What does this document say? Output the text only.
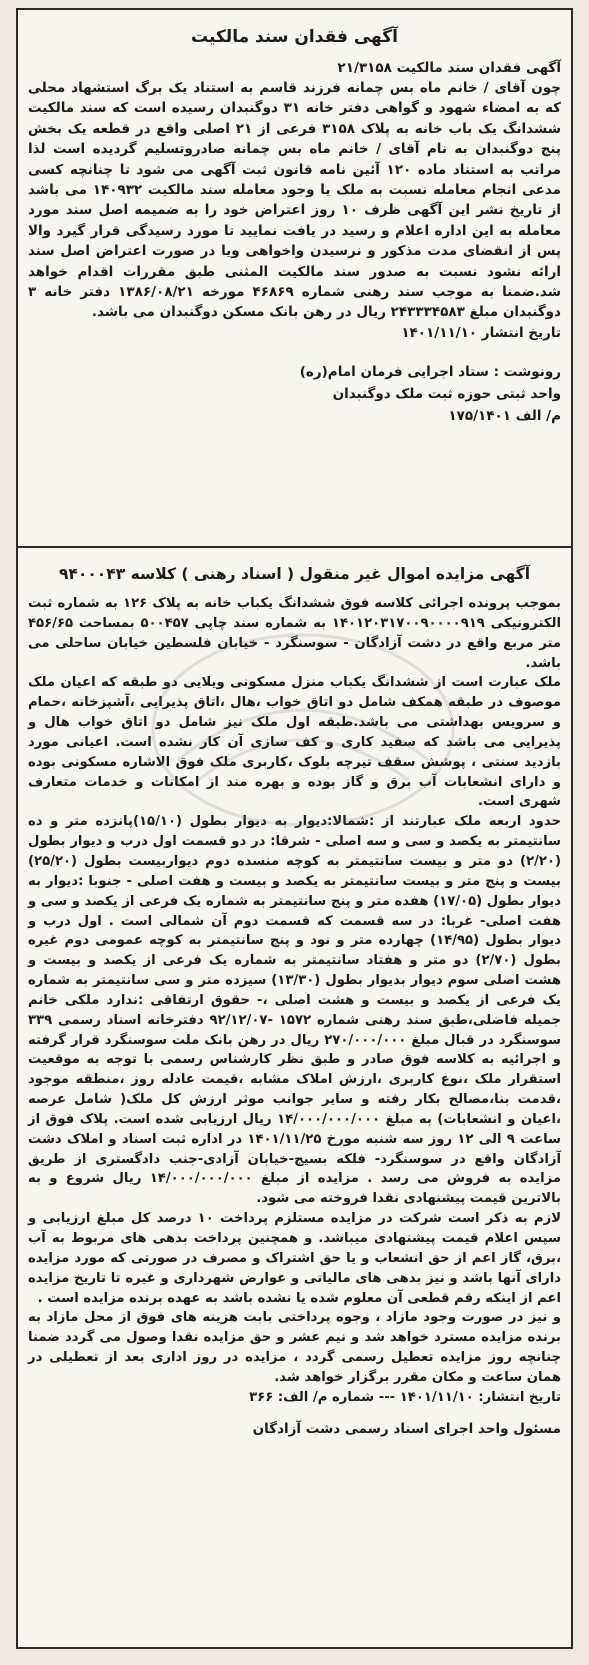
آگهی فقدان سند مالکیت

آگهی فقدان سند مالکیت ۲۱/۳۱۵۸

چون آقای / خانم ماه بس چمانه فرزند قاسم به استناد یک برگ استشهاد محلی که به امضاء شهود و گواهی دفتر خانه ۳۱ دوگنبدان رسیده است که سند مالکیت ششدانگ یک باب خانه به پلاک ۳۱۵۸ فرعی از ۲۱ اصلی واقع در قطعه یک بخش پنج دوگنبدان به نام آقای / خانم ماه بس چمانه صادروتسلیم گردیده است لذا مراتب به استناد ماده ۱۲۰ آئین نامه قانون ثبت آگهی می شود تا چنانچه کسی مدعی انجام معامله نسبت به ملک یا وجود معامله سند مالکیت ۱۴۰۹۳۲ می باشد از تاریخ نشر این آگهی ظرف ۱۰ روز اعتراض خود را به ضمیمه اصل سند مورد معامله به این اداره اعلام و رسید در یافت نمایید تا مورد رسیدگی قرار گیرد والا پس از انقضای مدت مذکور و نرسیدن واخواهی ویا در صورت اعتراض اصل سند ارائه نشود نسبت به صدور سند مالکیت المثنی طبق مقررات اقدام خواهد شد.ضمنا به موجب سند رهنی شماره ۴۶۸۶۹ مورخه ۱۳۸۶/۰۸/۲۱ دفتر خانه ۳ دوگنبدان مبلغ ۲۴۳۳۳۴۵۸۳ ریال در رهن بانک مسکن دوگنبدان می باشد.

تاریخ انتشار ۱۴۰۱/۱۱/۱۰

رونوشت : ستاد اجرایی فرمان امام(ره)
واحد ثبتی حوزه ثبت ملک دوگنبدان

م/ الف ۱۷۵/۱۴۰۱

آگهی مزایده اموال غیر منقول ( اسناد رهنی ) کلاسه ۹۴۰۰۰۴۳

بموجب پرونده اجرائی کلاسه فوق ششدانگ یکباب خانه به پلاک ۱۲۶ به شماره ثبت الکترونیکی ۱۴۰۱۲۰۳۱۷۰۰۹۰۰۰۰۹۱۹ به شماره سند چاپی ۵۰۰۴۵۷ بمساحت ۴۵۶/۶۵ متر مربع واقع در دشت آزادگان - سوسنگرد - خیابان فلسطین خیابان ساحلی می باشد.

ملک عبارت است از ششدانگ یکباب منزل مسکونی ویلایی دو طبقه که اعیان ملک موصوف در طبقه همکف شامل دو اتاق خواب ،هال ،اتاق پذیرایی ،آشپزخانه ،حمام و سرویس بهداشتی می باشد.طبقه اول ملک نیز شامل دو اتاق خواب هال و پذیرایی می باشد که سفید کاری و کف سازی آن کار نشده است. اعیانی مورد بازدید سنتی ، پوشش سقف تیرچه بلوک ،کاربری ملک فوق الاشاره مسکونی بوده و دارای انشعابات آب برق و گاز بوده و بهره مند از امکانات و خدمات متعارف شهری است.

حدود اربعه ملک عبارتند از :شمالا:دیوار به دیوار بطول (۱۵/۱۰)پانزده متر و ده سانتیمتر به یکصد و سی و سه اصلی - شرقا: در دو قسمت اول درب و دیوار بطول (۲/۲۰) دو متر و بیست سانتیمتر به کوچه منسده دوم دیواربیست بطول (۲۵/۲۰) بیست و پنج متر و بیست سانتیمتر به یکصد و بیست و هفت اصلی - جنوبا :دیوار به دیوار بطول (۱۷/۰۵) هفده متر و پنج سانتیمتر به شماره یک فرعی از یکصد و سی و هفت اصلی- غربا: در سه قسمت که قسمت دوم آن شمالی است . اول درب و دیوار بطول (۱۴/۹۵) چهارده متر و نود و پنج سانتیمتر به کوچه عمومی دوم غیره بطول (۲/۷۰) دو متر و هفتاد سانتیمتر به شماره یک فرعی از یکصد و بیست و هشت اصلی سوم دیوار بدیوار بطول (۱۳/۳۰) سیزده متر و سی سانتیمتر به شماره یک فرعی از یکصد و بیست و هشت اصلی ،- حقوق ارتفاقی :ندارد ملکی خانم جمیله فاضلی،طبق سند رهنی شماره ۱۵۷۲ -۹۲/۱۲/۰۷ دفترخانه اسناد رسمی ۳۳۹ سوسنگرد در قبال مبلغ ۲۷۰/۰۰۰/۰۰۰ ریال در رهن بانک ملت سوسنگرد قرار گرفته و اجرائیه به کلاسه فوق صادر و طبق نظر کارشناس رسمی با توجه به موقعیت استقرار ملک ،نوع کاربری ،ارزش املاک مشابه ،قیمت عادله روز ،منطقه موجود ،قدمت بنا،مصالح بکار رفته و سایر جوانب موثر ارزش کل ملک( شامل عرصه ،اعیان و انشعابات) به مبلغ ۱۴/۰۰۰/۰۰۰/۰۰۰ ریال ارزیابی شده است. پلاک فوق از ساعت ۹ الی ۱۲ روز سه شنبه مورخ ۱۴۰۱/۱۱/۲۵ در اداره ثبت اسناد و املاک دشت آزادگان واقع در سوسنگرد- فلکه بسیج-خیابان آزادی-جنب دادگستری از طریق مزایده به فروش می رسد . مزایده از مبلغ ۱۴/۰۰۰/۰۰۰/۰۰۰ ریال شروع و به بالاترین قیمت پیشنهادی نقدا فروخته می شود.

لازم به ذکر است شرکت در مزایده مستلزم پرداخت ۱۰ درصد کل مبلغ ارزیابی و سپس اعلام قیمت پیشنهادی میباشد. و همچنین پرداخت بدهی های مربوط به آب ،برق، گاز اعم از حق انشعاب و یا حق اشتراک و مصرف در صورتی که مورد مزایده دارای آنها باشد و نیز بدهی های مالیاتی و عوارض شهرداری و غیره تا تاریخ مزایده اعم از اینکه رقم قطعی آن معلوم شده یا نشده باشد به عهده برنده مزایده است .

و نیز در صورت وجود مازاد ، وجوه پرداختی بابت هزینه های فوق از محل مازاد به برنده مزایده مسترد خواهد شد و نیم عشر و حق مزایده نقدا وصول می گردد ضمنا چنانچه روز مزایده تعطیل رسمی گردد ، مزایده در روز اداری بعد از تعطیلی در همان ساعت و مکان مقرر برگزار خواهد شد.

تاریخ انتشار: ۱۴۰۱/۱۱/۱۰ --- شماره م/ الف: ۳۶۶

مسئول واحد اجرای اسناد رسمی دشت آزادگان
